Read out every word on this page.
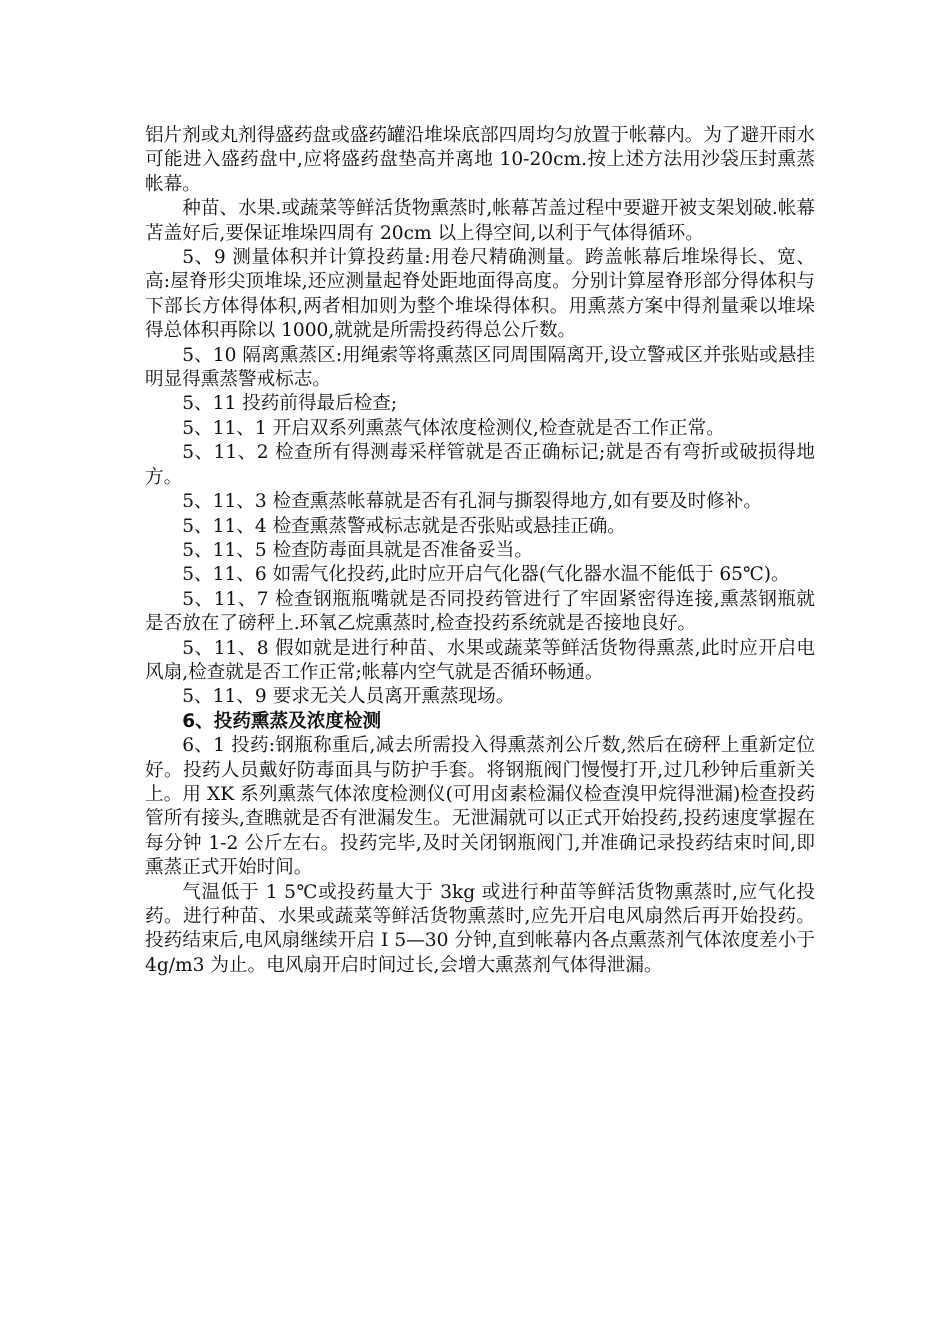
铝片剂或丸剂得盛药盘或盛药罐沿堆垛底部四周均匀放置于帐幕内。为了避开雨水可能进入盛药盘中,应将盛药盘垫高并离地 10-20cm.按上述方法用沙袋压封熏蒸帐幕。

种苗、水果.或蔬菜等鲜活货物熏蒸时,帐幕苫盖过程中要避开被支架划破.帐幕苫盖好后,要保证堆垛四周有 20cm 以上得空间,以利于气体得循环。

5、9 测量体积并计算投药量:用卷尺精确测量。跨盖帐幕后堆垛得长、宽、高:屋脊形尖顶堆垛,还应测量起脊处距地面得高度。分别计算屋脊形部分得体积与下部长方体得体积,两者相加则为整个堆垛得体积。用熏蒸方案中得剂量乘以堆垛得总体积再除以 1000,就就是所需投药得总公斤数。

5、10 隔离熏蒸区:用绳索等将熏蒸区同周围隔离开,设立警戒区并张贴或悬挂明显得熏蒸警戒标志。

5、11 投药前得最后检查;

5、11、1 开启双系列熏蒸气体浓度检测仪,检查就是否工作正常。

5、11、2 检查所有得测毒采样管就是否正确标记;就是否有弯折或破损得地方。

5、11、3 检查熏蒸帐幕就是否有孔洞与撕裂得地方,如有要及时修补。

5、11、4 检查熏蒸警戒标志就是否张贴或悬挂正确。

5、11、5 检查防毒面具就是否准备妥当。

5、11、6 如需气化投药,此时应开启气化器(气化器水温不能低于 65℃)。

5、11、7 检查钢瓶瓶嘴就是否同投药管进行了牢固紧密得连接,熏蒸钢瓶就是否放在了磅秤上.环氧乙烷熏蒸时,检查投药系统就是否接地良好。

5、11、8 假如就是进行种苗、水果或蔬菜等鲜活货物得熏蒸,此时应开启电风扇,检查就是否工作正常;帐幕内空气就是否循环畅通。

5、11、9 要求无关人员离开熏蒸现场。

6、投药熏蒸及浓度检测

6、1 投药:钢瓶称重后,减去所需投入得熏蒸剂公斤数,然后在磅秤上重新定位好。投药人员戴好防毒面具与防护手套。将钢瓶阀门慢慢打开,过几秒钟后重新关上。用 XK 系列熏蒸气体浓度检测仪(可用卤素检漏仪检查溴甲烷得泄漏)检查投药管所有接头,查瞧就是否有泄漏发生。无泄漏就可以正式开始投药,投药速度掌握在每分钟 1-2 公斤左右。投药完毕,及时关闭钢瓶阀门,并准确记录投药结束时间,即熏蒸正式开始时间。

气温低于 1 5℃或投药量大于 3kg 或进行种苗等鲜活货物熏蒸时,应气化投药。进行种苗、水果或蔬菜等鲜活货物熏蒸时,应先开启电风扇然后再开始投药。投药结束后,电风扇继续开启 I 5—30 分钟,直到帐幕内各点熏蒸剂气体浓度差小于 4g/m3 为止。电风扇开启时间过长,会增大熏蒸剂气体得泄漏。
